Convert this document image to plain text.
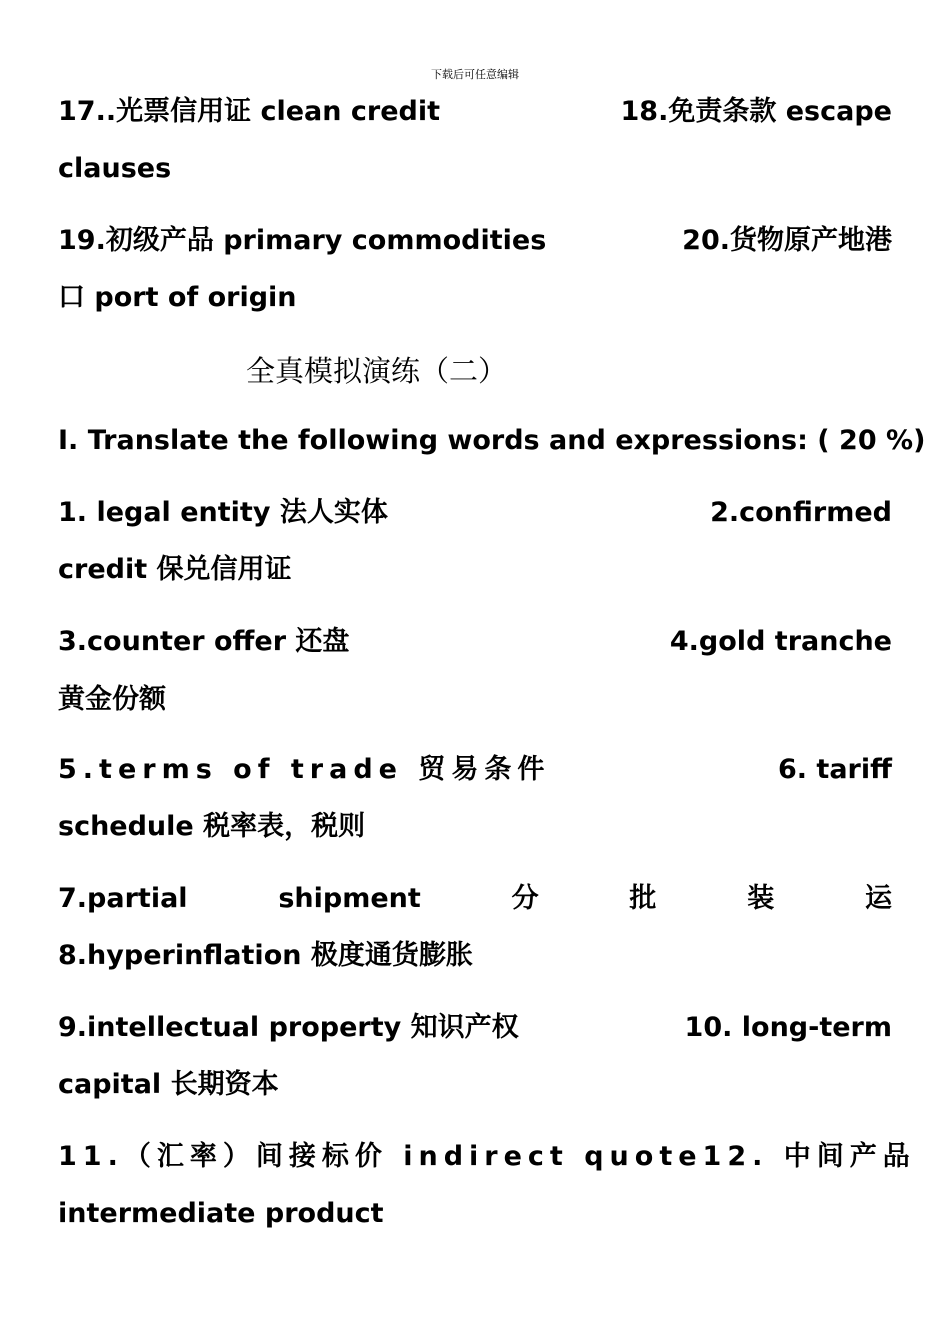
下载后可任意编辑
17..光票信用证 clean credit	18.免责条款 escape
clauses
19.初级产品 primary commodities	20.货物原产地港
口 port of origin
全真模拟演练（二）
I. Translate the following words and expressions: ( 20 %)
1. legal entity 法人实体	2.confirmed
credit 保兑信用证
3.counter offer 还盘	4.gold tranche
黄金份额
5.terms of trade 贸易条件	6. tariff
schedule 税率表，税则
7.partial	shipment	分	批	装	运
8.hyperinflation 极度通货膨胀
9.intellectual property 知识产权	10. long-term
capital 长期资本
11.（汇率）间接标价 indirect quote 12. 中间产品
intermediate product
